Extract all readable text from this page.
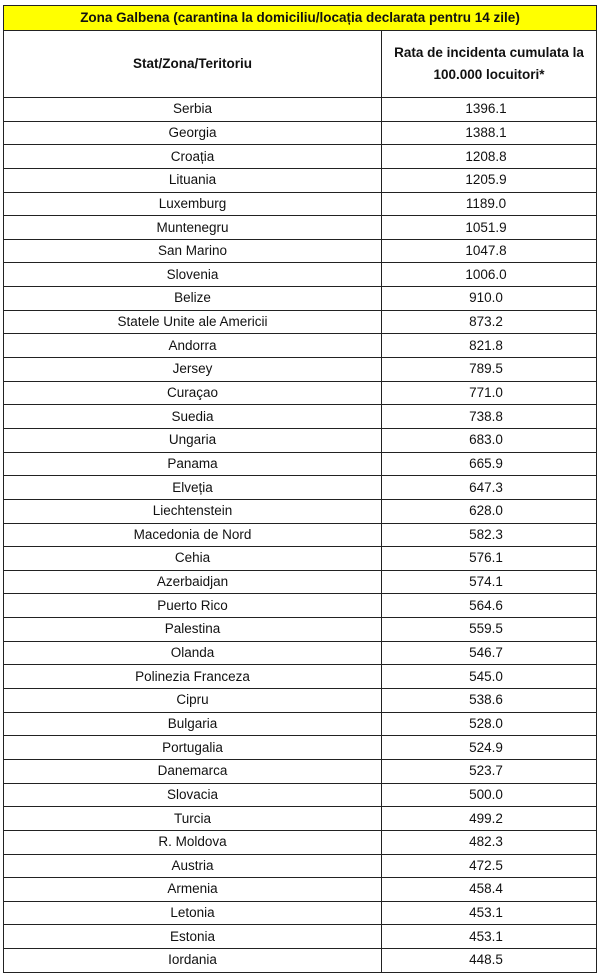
Zona Galbena (carantina la domiciliu/locația declarata pentru 14 zile)	
Stat/Zona/Teritoriu	Rata de incidenta cumulata la 100.000 locuitori*
Serbia	1396.1
Georgia	1388.1
Croația	1208.8
Lituania	1205.9
Luxemburg	1189.0
Muntenegru	1051.9
San Marino	1047.8
Slovenia	1006.0
Belize	910.0
Statele Unite ale Americii	873.2
Andorra	821.8
Jersey	789.5
Curaçao	771.0
Suedia	738.8
Ungaria	683.0
Panama	665.9
Elveția	647.3
Liechtenstein	628.0
Macedonia de Nord	582.3
Cehia	576.1
Azerbaidjan	574.1
Puerto Rico	564.6
Palestina	559.5
Olanda	546.7
Polinezia Franceza	545.0
Cipru	538.6
Bulgaria	528.0
Portugalia	524.9
Danemarca	523.7
Slovacia	500.0
Turcia	499.2
R. Moldova	482.3
Austria	472.5
Armenia	458.4
Letonia	453.1
Estonia	453.1
Iordania	448.5
